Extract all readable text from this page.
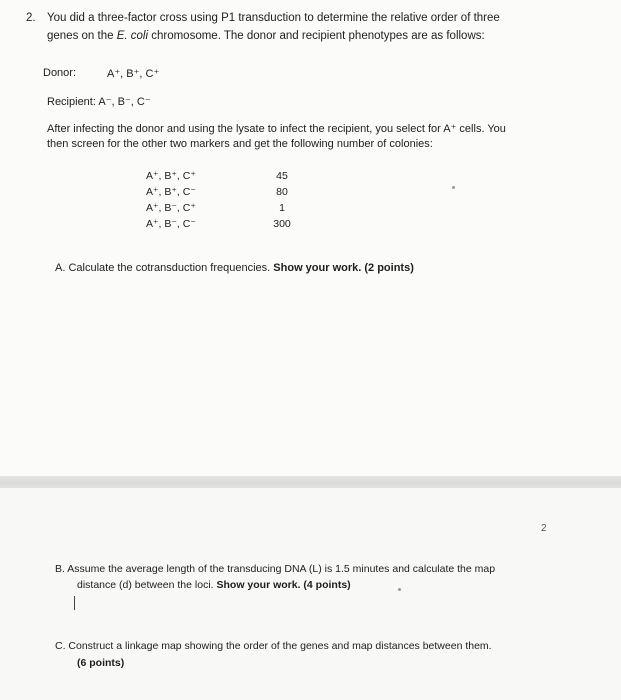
2. You did a three-factor cross using P1 transduction to determine the relative order of three
genes on the E. coli chromosome. The donor and recipient phenotypes are as follows:
Donor:	A⁺, B⁺, C⁺
Recipient: A⁻, B⁻, C⁻
After infecting the donor and using the lysate to infect the recipient, you select for A⁺ cells. You
then screen for the other two markers and get the following number of colonies:
A⁺, B⁺, C⁺	45
A⁺, B⁺, C⁻	80
A⁺, B⁻, C⁺	1
A⁺, B⁻, C⁻	300
A. Calculate the cotransduction frequencies. Show your work. (2 points)
2
B. Assume the average length of the transducing DNA (L) is 1.5 minutes and calculate the map
distance (d) between the loci. Show your work. (4 points)
C. Construct a linkage map showing the order of the genes and map distances between them.
(6 points)
